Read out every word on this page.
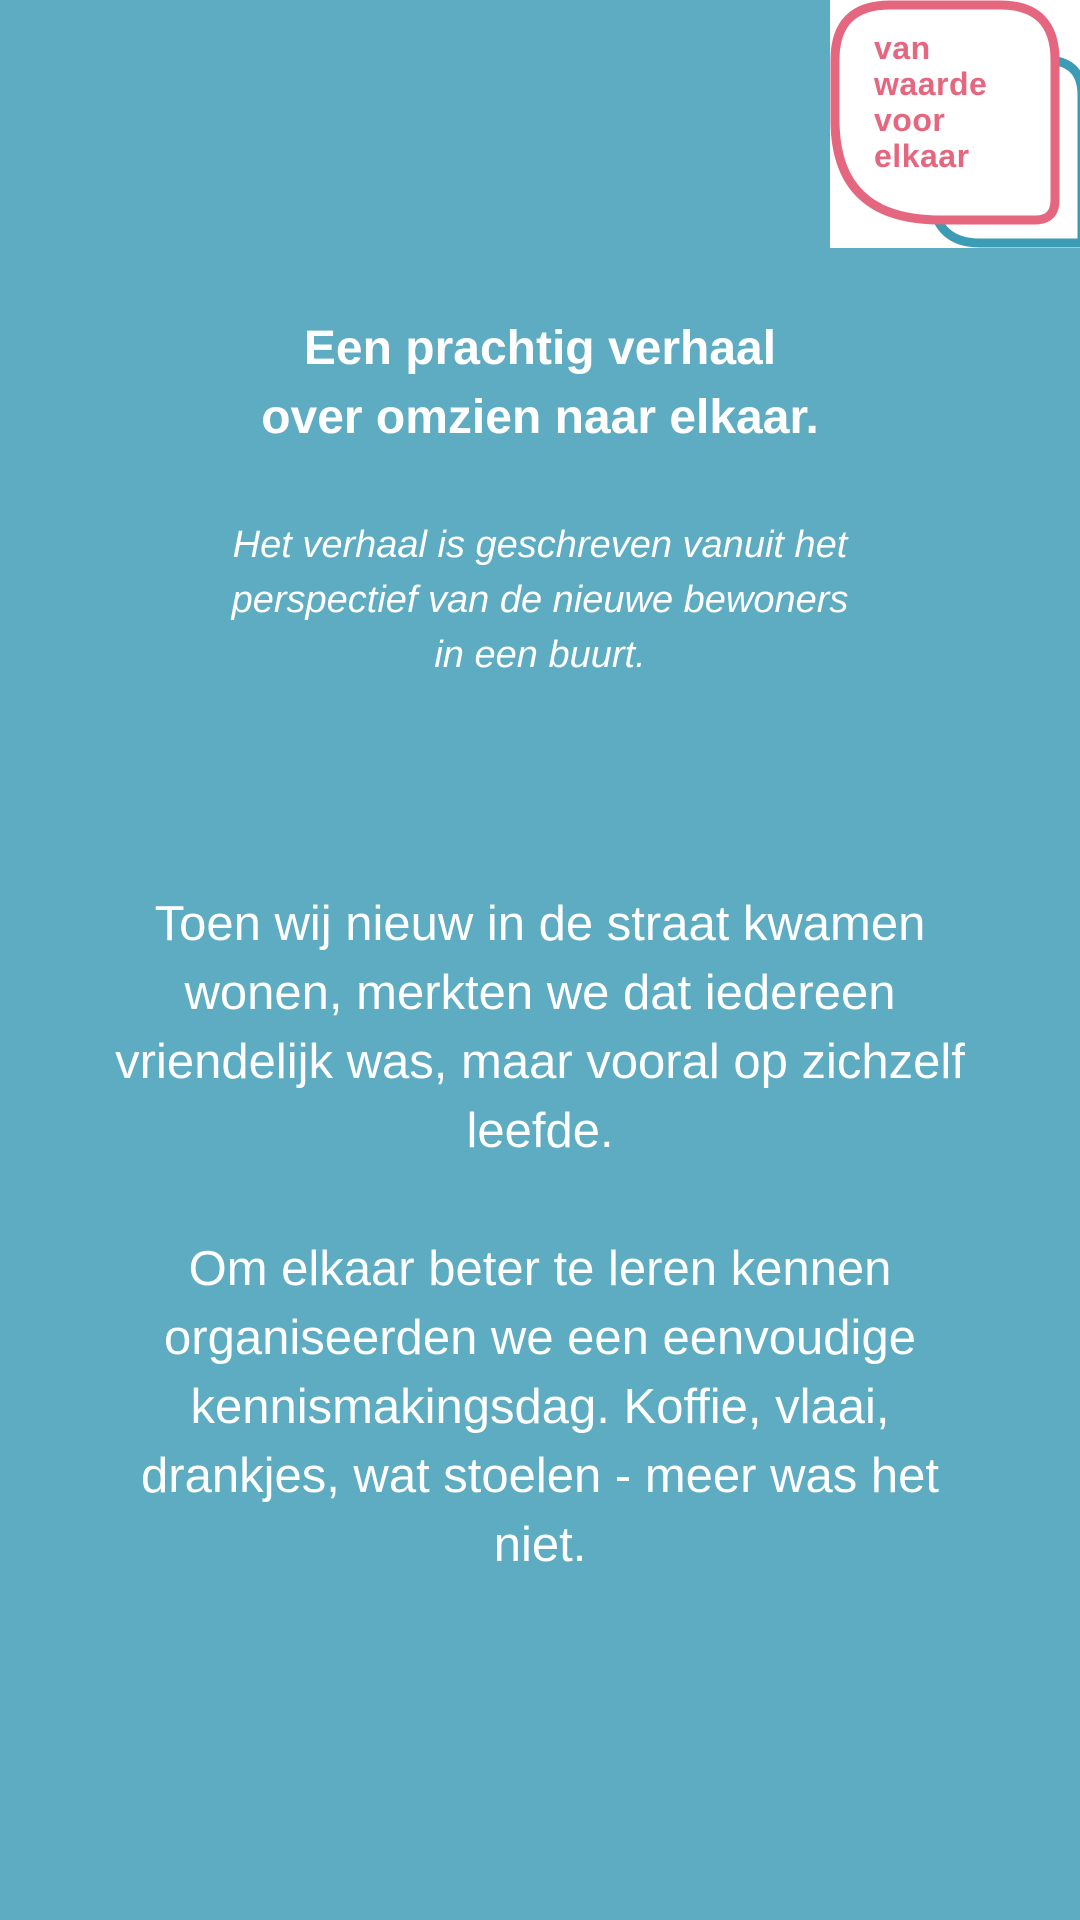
van
waarde
voor
elkaar
Een prachtig verhaal
over omzien naar elkaar.

Het verhaal is geschreven vanuit het
perspectief van de nieuwe bewoners
in een buurt.

Toen wij nieuw in de straat kwamen wonen, merkten we dat iedereen vriendelijk was, maar vooral op zichzelf leefde.

Om elkaar beter te leren kennen organiseerden we een eenvoudige kennismakingsdag. Koffie, vlaai, drankjes, wat stoelen - meer was het niet.
